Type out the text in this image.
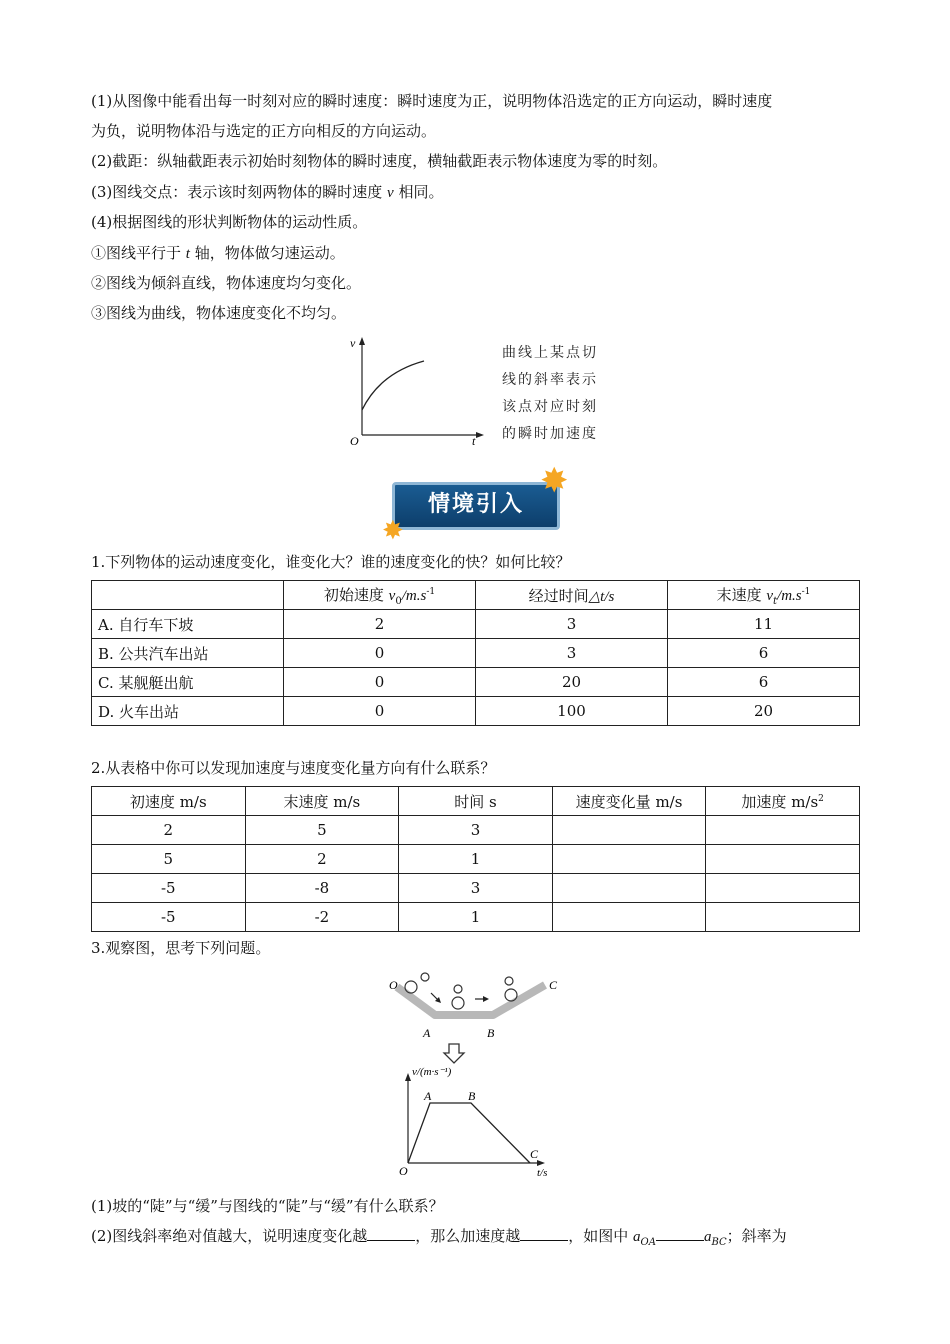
(1)从图像中能看出每一时刻对应的瞬时速度：瞬时速度为正，说明物体沿选定的正方向运动，瞬时速度
为负，说明物体沿与选定的正方向相反的方向运动。
(2)截距：纵轴截距表示初始时刻物体的瞬时速度，横轴截距表示物体速度为零的时刻。
(3)图线交点：表示该时刻两物体的瞬时速度 v 相同。
(4)根据图线的形状判断物体的运动性质。
①图线平行于 t 轴，物体做匀速运动。
②图线为倾斜直线，物体速度均匀变化。
③图线为曲线，物体速度变化不均匀。
v
t
O
曲线上某点切
线的斜率表示
该点对应时刻
的瞬时加速度
情境引入
✸
✸
1.下列物体的运动速度变化，谁变化大？谁的速度变化的快？如何比较？
	初始速度 $v_0/m.s^{-1}$	经过时间△t/s	末速度 $v_t/m.s^{-1}$
A. 自行车下坡	2	3	11
B. 公共汽车出站	0	3	6
C. 某舰艇出航	0	20	6
D. 火车出站	0	100	20
2.从表格中你可以发现加速度与速度变化量方向有什么联系？
初速度 m/s	末速度 m/s	时间 s	速度变化量 m/s	加速度 $m/s^2$
2	5	3		
5	2	1		
-5	-8	3		
-5	-2	1		
3.观察图，思考下列问题。
O
A	B
C
v/(m·s⁻¹)
t/s
O
A	B
C
(1)坡的“陡”与“缓”与图线的“陡”与“缓”有什么联系？
(2)图线斜率绝对值越大，说明速度变化越	，那么加速度越	，如图中 $a_{OA}$	$a_{BC}$；斜率为
